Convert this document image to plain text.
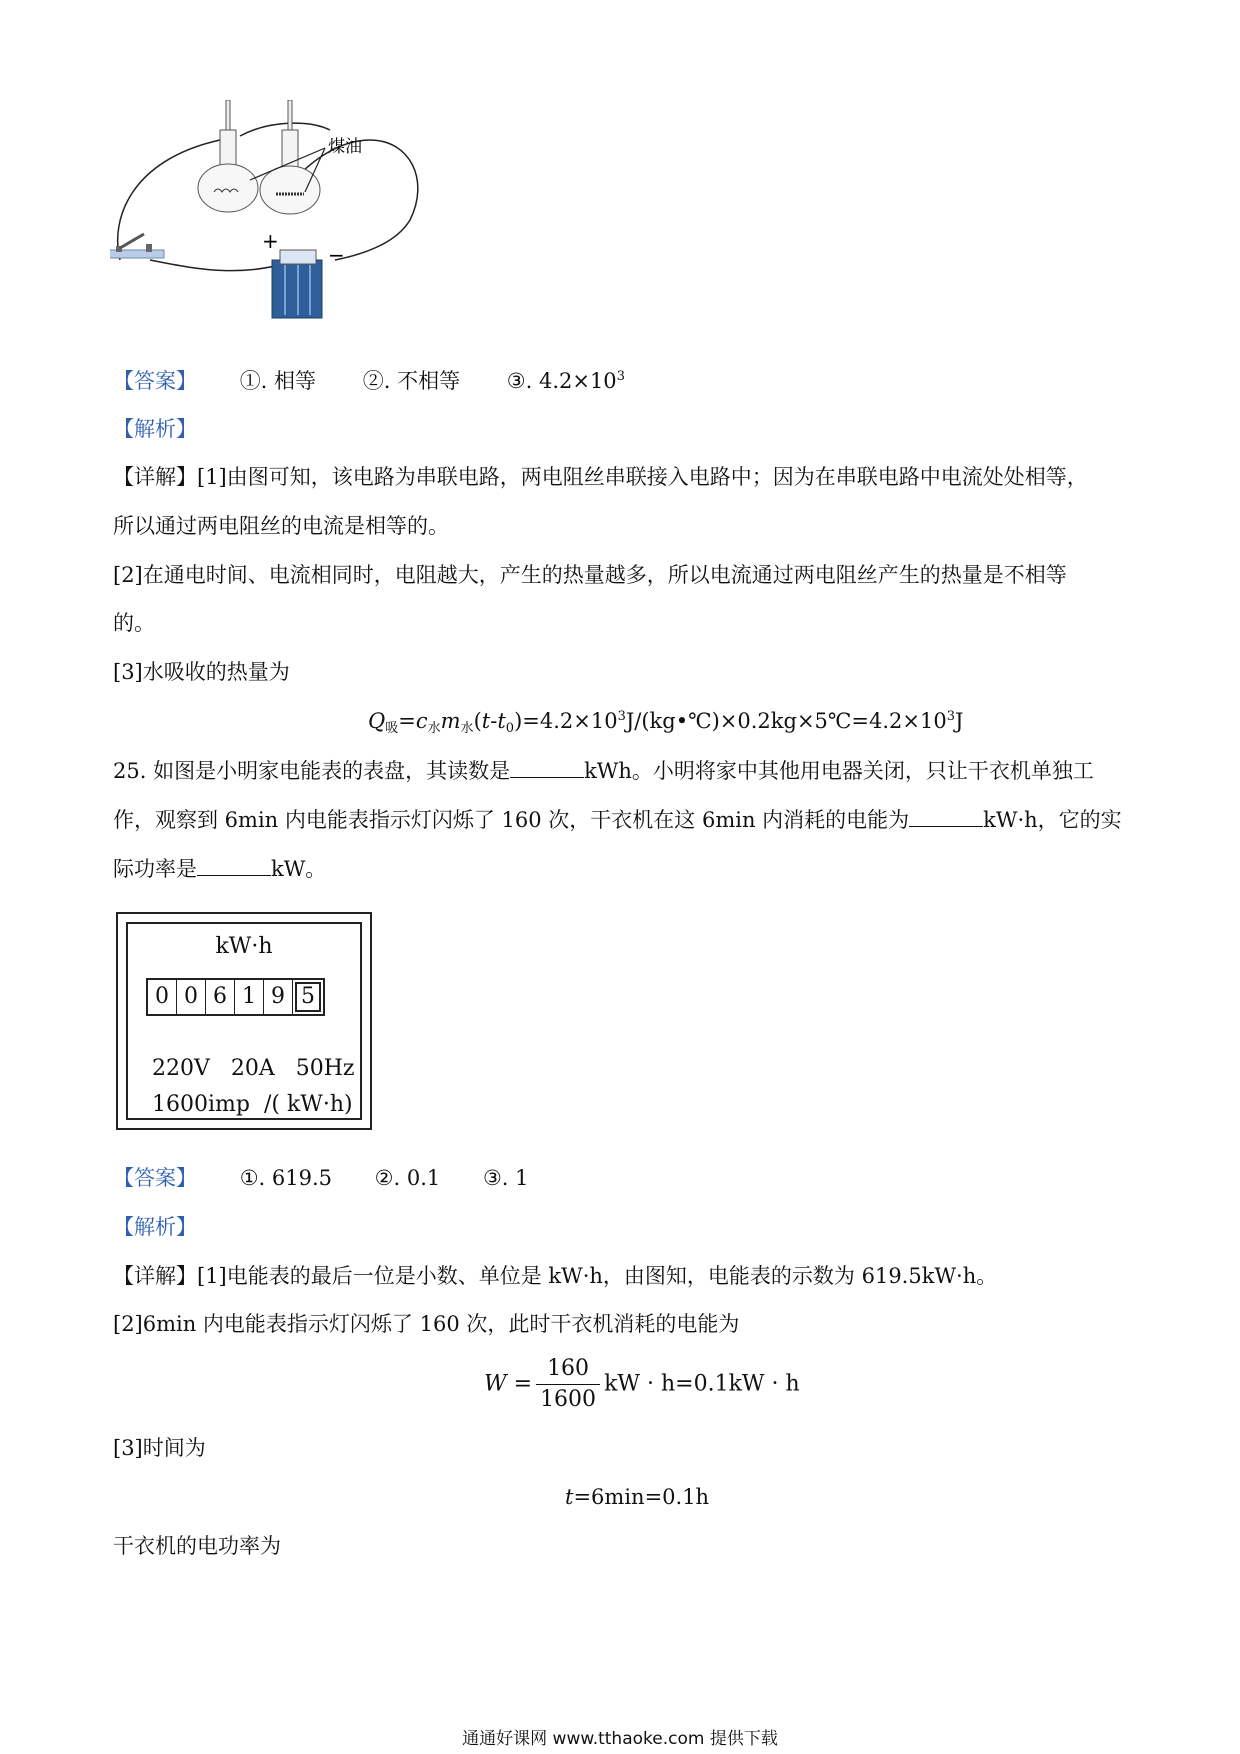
煤油
+
−
【答案】 ①. 相等 ②. 不相等 ③. $4.2\times 10^3$
【解析】
【详解】[1]由图可知，该电路为串联电路，两电阻丝串联接入电路中；因为在串联电路中电流处处相等，
所以通过两电阻丝的电流是相等的。
[2]在通电时间、电流相同时，电阻越大，产生的热量越多，所以电流通过两电阻丝产生的热量是不相等
的。
[3]水吸收的热量为
Q吸=c水m水$(t-t0)=4.2\times 10^3J/(kg•℃)\times 0.2kg\times 5℃=4.2\times 10^3J$
25. 如图是小明家电能表的表盘，其读数是	kWh。小明将家中其他用电器关闭，只让干衣机单独工
作，观察到 6min 内电能表指示灯闪烁了 160 次，干衣机在这 6min 内消耗的电能为	kW·h，它的实
际功率是	kW。
kW·h
0 0 6 1 9 5
220V   20A   50Hz
1600imp  /( kW·h)
【答案】 ①. 619.5 ②. 0.1 ③. 1
【解析】
【详解】[1]电能表的最后一位是小数、单位是 kW·h，由图知，电能表的示数为 619.5kW·h。
[2]6min 内电能表指示灯闪烁了 160 次，此时干衣机消耗的电能为
$W = \frac{160}{1600}$ kW · h=0.1kW · h
[3]时间为
t=6min=0.1h
干衣机的电功率为
通通好课网 www.tthaoke.com 提供下载
